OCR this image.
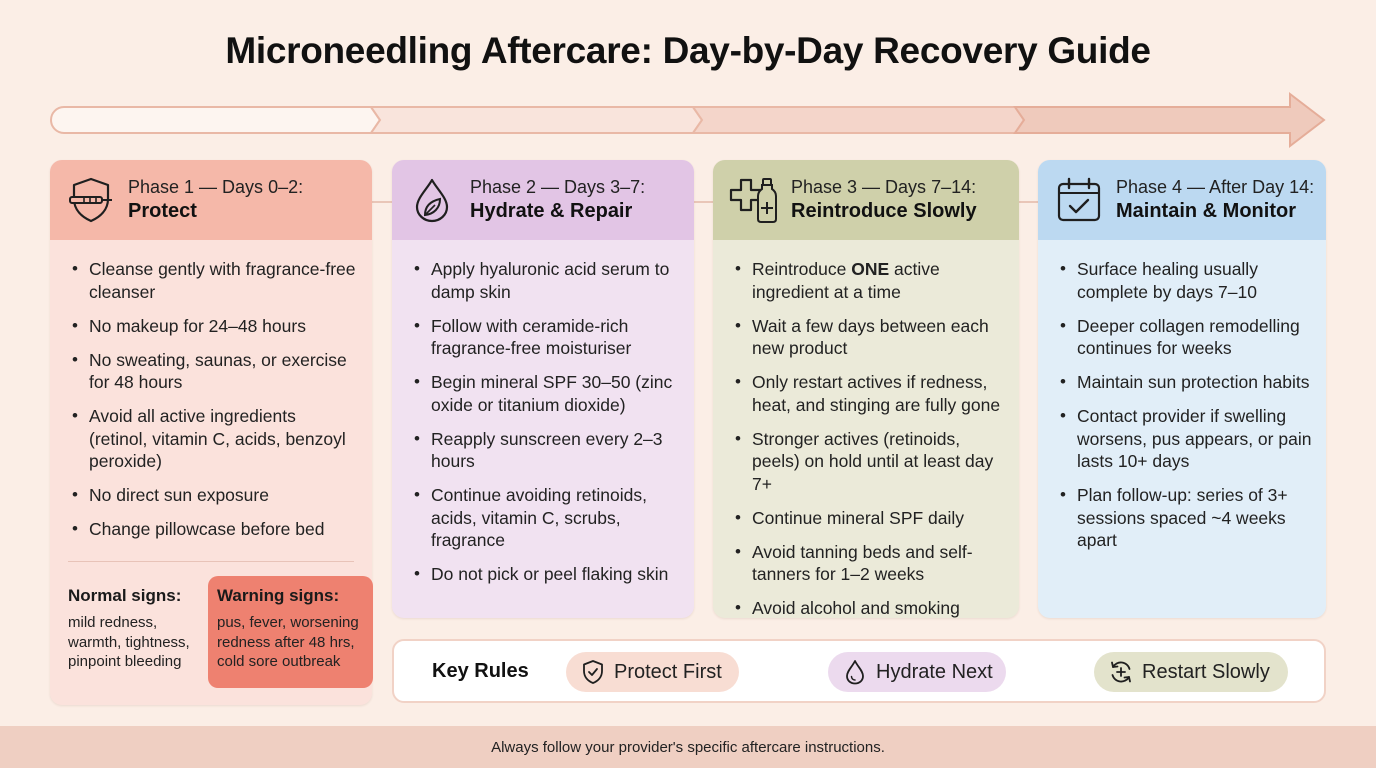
Microneedling Aftercare: Day-by-Day Recovery Guide
Phase 1 — Days 0–2:
Protect
• Cleanse gently with fragrance-free cleanser
• No makeup for 24–48 hours
• No sweating, saunas, or exercise for 48 hours
• Avoid all active ingredients (retinol, vitamin C, acids, benzoyl peroxide)
• No direct sun exposure
• Change pillowcase before bed
Normal signs:
mild redness, warmth, tightness, pinpoint bleeding
Warning signs:
pus, fever, worsening redness after 48 hrs, cold sore outbreak
Phase 2 — Days 3–7:
Hydrate & Repair
• Apply hyaluronic acid serum to damp skin
• Follow with ceramide-rich fragrance-free moisturiser
• Begin mineral SPF 30–50 (zinc oxide or titanium dioxide)
• Reapply sunscreen every 2–3 hours
• Continue avoiding retinoids, acids, vitamin C, scrubs, fragrance
• Do not pick or peel flaking skin
Phase 3 — Days 7–14:
Reintroduce Slowly
• Reintroduce ONE active ingredient at a time
• Wait a few days between each new product
• Only restart actives if redness, heat, and stinging are fully gone
• Stronger actives (retinoids, peels) on hold until at least day 7+
• Continue mineral SPF daily
• Avoid tanning beds and self-tanners for 1–2 weeks
• Avoid alcohol and smoking
Phase 4 — After Day 14:
Maintain & Monitor
• Surface healing usually complete by days 7–10
• Deeper collagen remodelling continues for weeks
• Maintain sun protection habits
• Contact provider if swelling worsens, pus appears, or pain lasts 10+ days
• Plan follow-up: series of 3+ sessions spaced ~4 weeks apart
Key Rules	Protect First	Hydrate Next	Restart Slowly
Always follow your provider's specific aftercare instructions.
